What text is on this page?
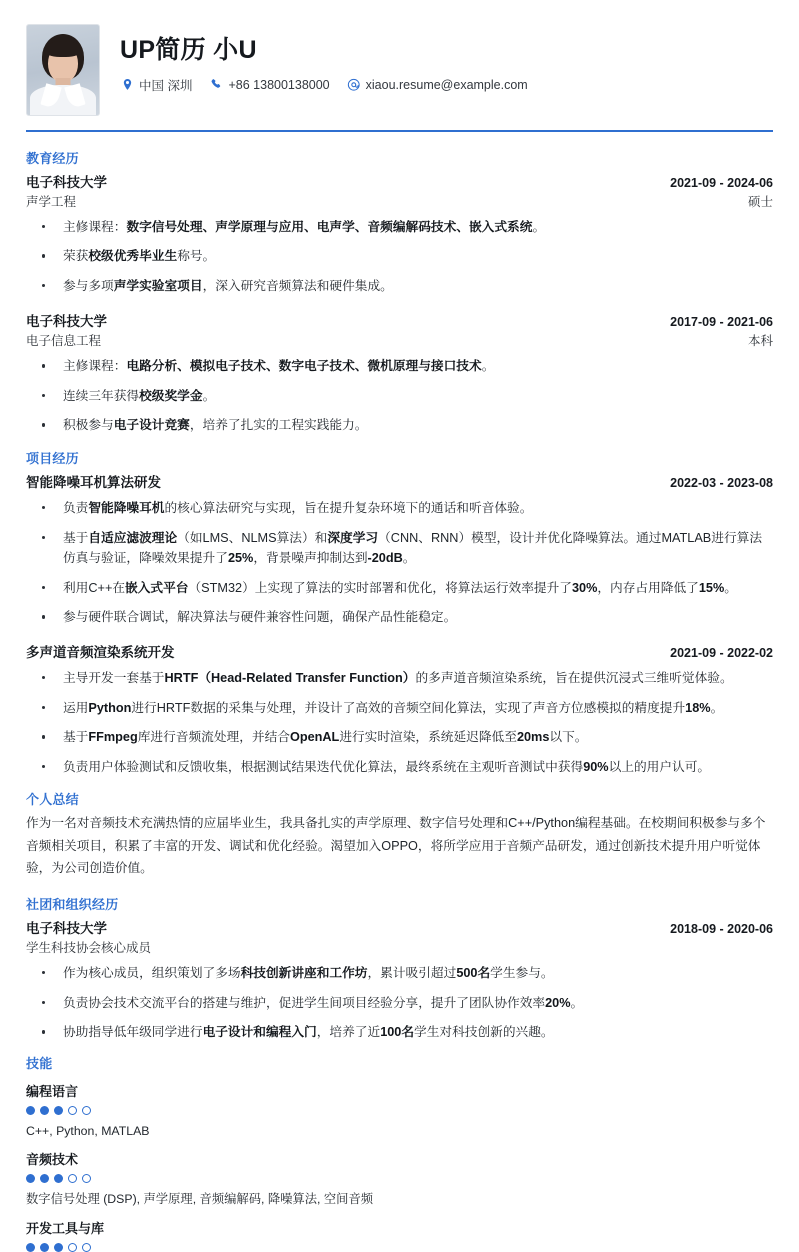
UP简历 小U
中国 深圳	+86 13800138000	xiaou.resume@example.com
教育经历
电子科技大学	2021-09 - 2024-06
声学工程	硕士
主修课程：数字信号处理、声学原理与应用、电声学、音频编解码技术、嵌入式系统。
荣获校级优秀毕业生称号。
参与多项声学实验室项目，深入研究音频算法和硬件集成。
电子科技大学	2017-09 - 2021-06
电子信息工程	本科
主修课程：电路分析、模拟电子技术、数字电子技术、微机原理与接口技术。
连续三年获得校级奖学金。
积极参与电子设计竞赛，培养了扎实的工程实践能力。
项目经历
智能降噪耳机算法研发	2022-03 - 2023-08
负责智能降噪耳机的核心算法研究与实现，旨在提升复杂环境下的通话和听音体验。
基于自适应滤波理论（如LMS、NLMS算法）和深度学习（CNN、RNN）模型，设计并优化降噪算法。通过MATLAB进行算法仿真与验证，降噪效果提升了25%，背景噪声抑制达到-20dB。
利用C++在嵌入式平台（STM32）上实现了算法的实时部署和优化，将算法运行效率提升了30%，内存占用降低了15%。
参与硬件联合调试，解决算法与硬件兼容性问题，确保产品性能稳定。
多声道音频渲染系统开发	2021-09 - 2022-02
主导开发一套基于HRTF（Head-Related Transfer Function）的多声道音频渲染系统，旨在提供沉浸式三维听觉体验。
运用Python进行HRTF数据的采集与处理，并设计了高效的音频空间化算法，实现了声音方位感模拟的精度提升18%。
基于FFmpeg库进行音频流处理，并结合OpenAL进行实时渲染，系统延迟降低至20ms以下。
负责用户体验测试和反馈收集，根据测试结果迭代优化算法，最终系统在主观听音测试中获得90%以上的用户认可。
个人总结
作为一名对音频技术充满热情的应届毕业生，我具备扎实的声学原理、数字信号处理和C++/Python编程基础。在校期间积极参与多个音频相关项目，积累了丰富的开发、调试和优化经验。渴望加入OPPO，将所学应用于音频产品研发，通过创新技术提升用户听觉体验，为公司创造价值。
社团和组织经历
电子科技大学	2018-09 - 2020-06
学生科技协会核心成员
作为核心成员，组织策划了多场科技创新讲座和工作坊，累计吸引超过500名学生参与。
负责协会技术交流平台的搭建与维护，促进学生间项目经验分享，提升了团队协作效率20%。
协助指导低年级同学进行电子设计和编程入门，培养了近100名学生对科技创新的兴趣。
技能
编程语言
C++, Python, MATLAB
音频技术
数字信号处理 (DSP), 声学原理, 音频编解码, 降噪算法, 空间音频
开发工具与库
